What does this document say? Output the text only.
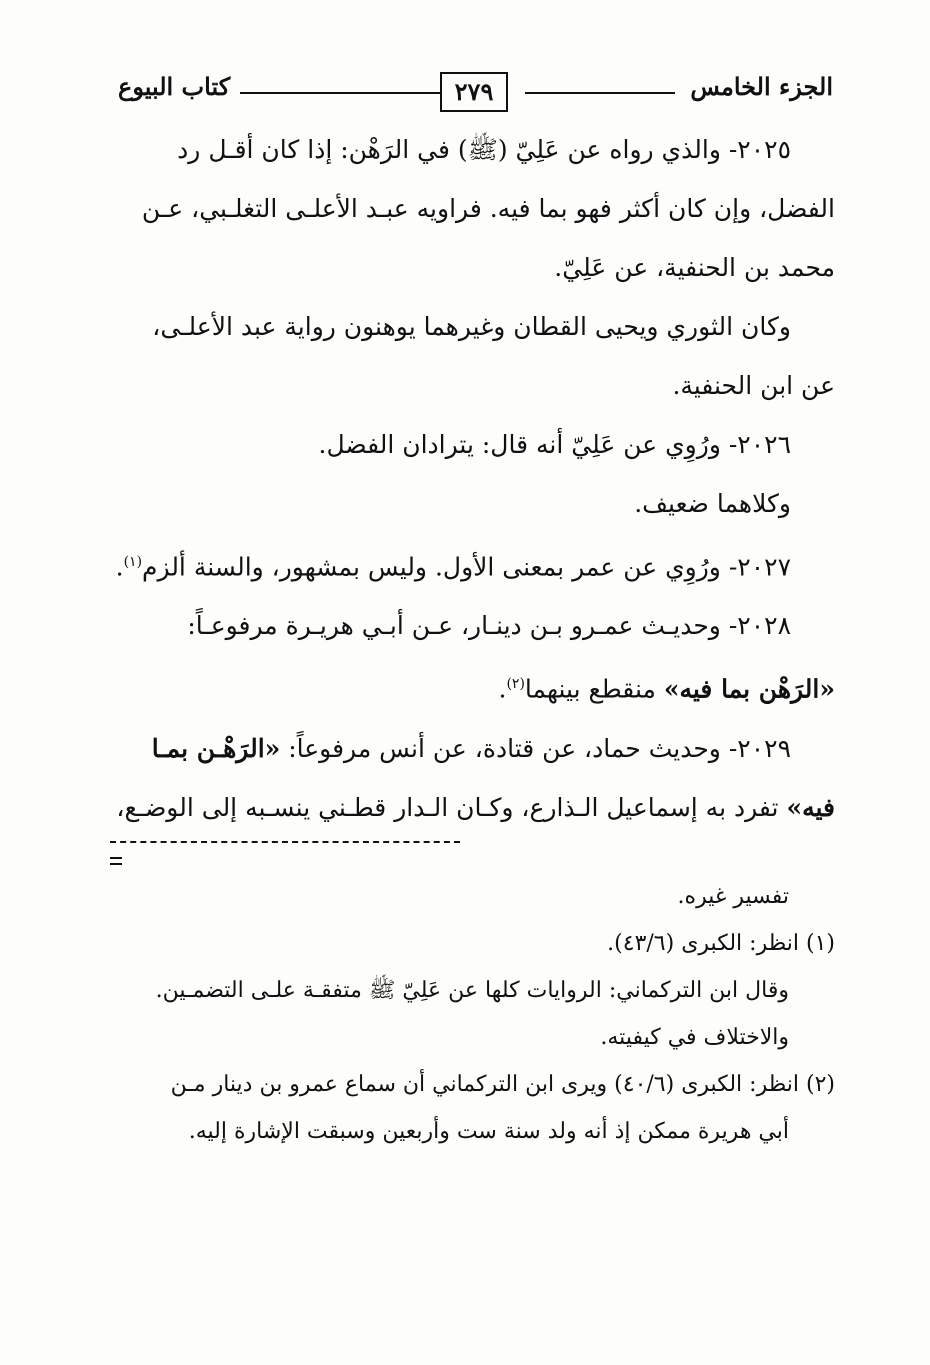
الجزء الخامس
٢٧٩
كتاب البيوع

٢٠٢٥- والذي رواه عن عَلِيّ (ﷺ) في الرَهْن: إذا كان أقـل رد

الفضل، وإن كان أكثر فهو بما فيه. فراويه عبـد الأعلـى التغلـبي، عـن

محمد بن الحنفية، عن عَلِيّ.

وكان الثوري ويحيى القطان وغيرهما يوهنون رواية عبد الأعلـى،

عن ابن الحنفية.

٢٠٢٦- ورُوِي عن عَلِيّ أنه قال: يترادان الفضل.

وكلاهما ضعيف.

٢٠٢٧- ورُوِي عن عمر بمعنى الأول. وليس بمشهور، والسنة ألزم$^{(١)}$.

٢٠٢٨- وحديـث عمـرو بـن دينـار، عـن أبـي هريـرة مرفوعـاً:

«الرَهْن بما فيه» منقطع بينهما$^{(٢)}$.

٢٠٢٩- وحديث حماد، عن قتادة، عن أنس مرفوعاً: «الرَهْـن بمـا

فيه» تفرد به إسماعيل الـذارع، وكـان الـدار قطـني ينسـبه إلى الوضـع،

تفسير غيره.

(١) انظر: الكبرى (٤٣/٦).

وقال ابن التركماني: الروايات كلها عن عَلِيّ ﷺ متفقـة علـى التضمـين.

والاختلاف في كيفيته.

(٢) انظر: الكبرى (٤٠/٦) ويرى ابن التركماني أن سماع عمرو بن دينار مـن

أبي هريرة ممكن إذ أنه ولد سنة ست وأربعين وسبقت الإشارة إليه.
